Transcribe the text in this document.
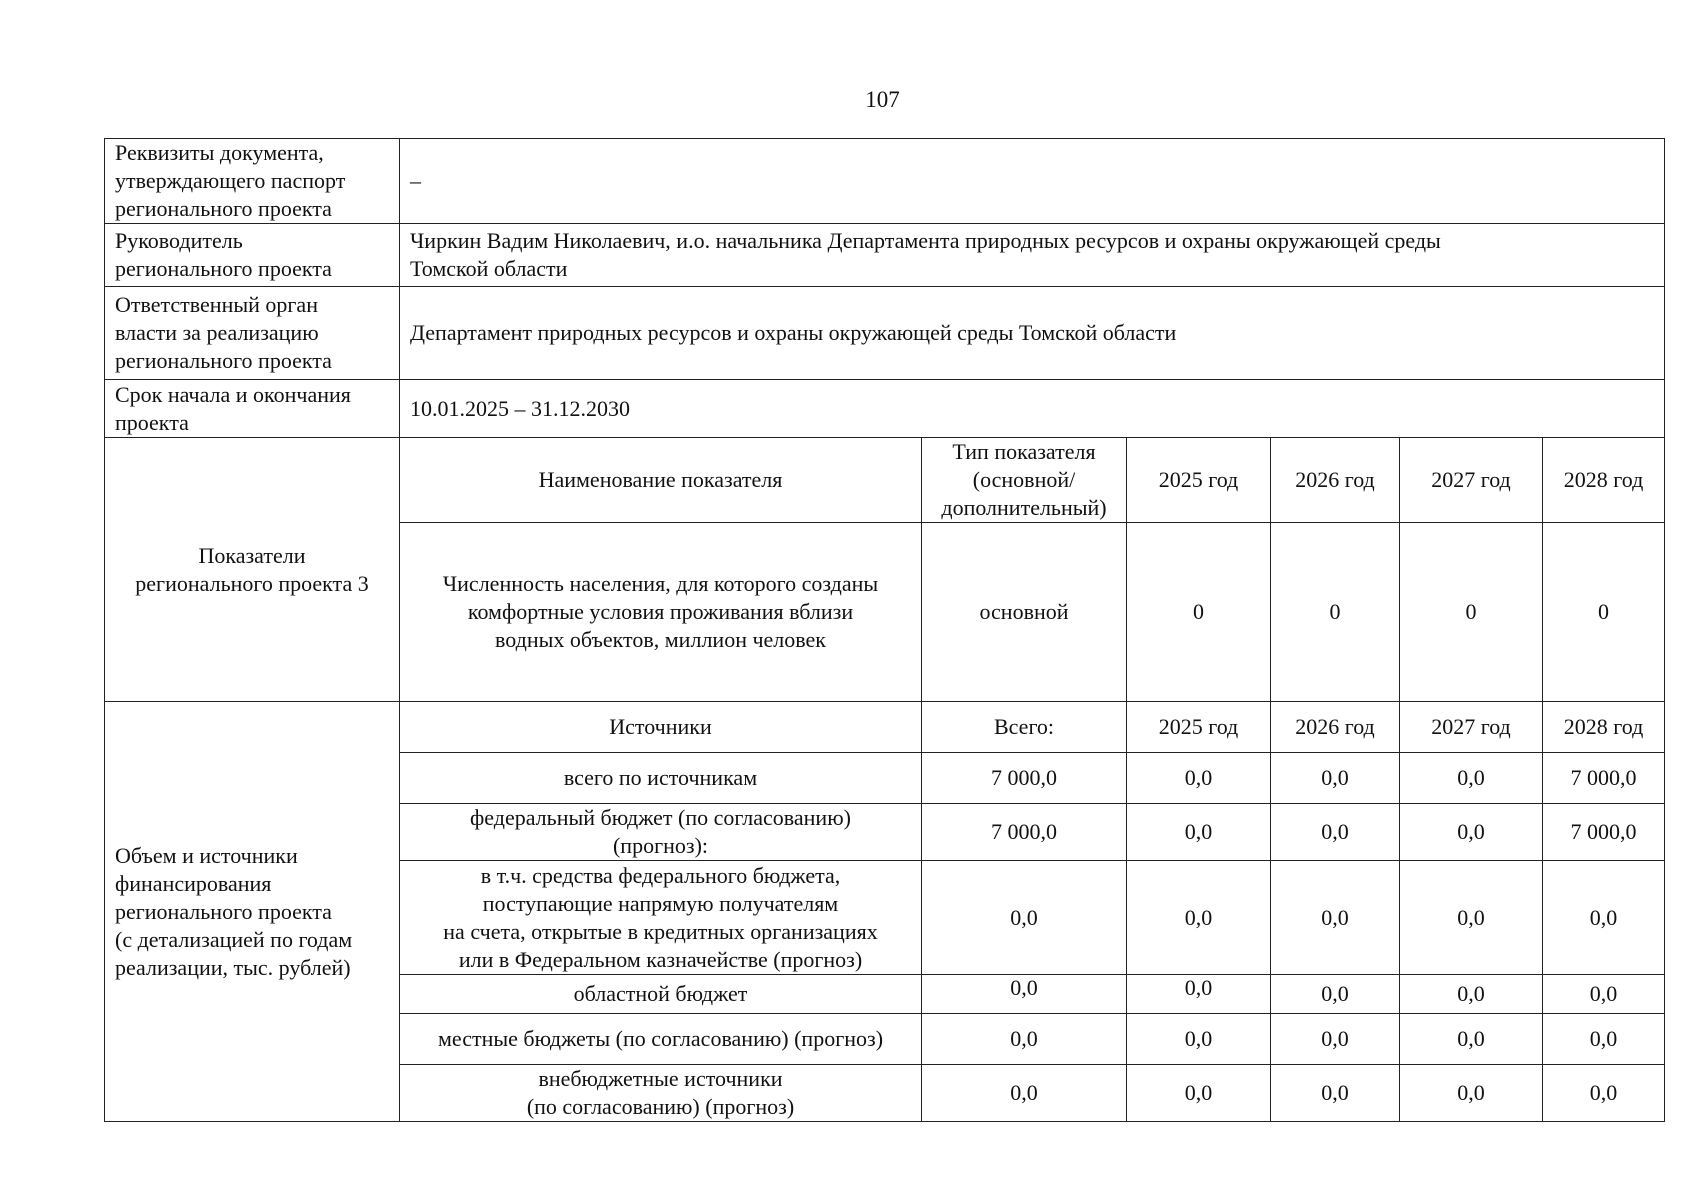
107
Реквизиты документа,
утверждающего паспорт
регионального проекта	–					
Руководитель
регионального проекта	Чиркин Вадим Николаевич, и.о. начальника Департамента природных ресурсов и охраны окружающей среды
Томской области					
Ответственный орган
власти за реализацию
регионального проекта	Департамент природных ресурсов и охраны окружающей среды Томской области					
Срок начала и окончания
проекта	10.01.2025 – 31.12.2030					
Показатели
регионального проекта 3	Наименование показателя	Тип показателя
(основной/
дополнительный)	2025 год	2026 год	2027 год	2028 год
	Численность населения, для которого созданы
комфортные условия проживания вблизи
водных объектов, миллион человек	основной	0	0	0	0
Объем и источники
финансирования
регионального проекта
(с детализацией по годам
реализации, тыс. рублей)	Источники	Всего:	2025 год	2026 год	2027 год	2028 год
	всего по источникам	7 000,0	0,0	0,0	0,0	7 000,0
	федеральный бюджет (по согласованию)
(прогноз):	7 000,0	0,0	0,0	0,0	7 000,0
	в т.ч. средства федерального бюджета,
поступающие напрямую получателям
на счета, открытые в кредитных организациях
или в Федеральном казначействе (прогноз)	0,0	0,0	0,0	0,0	0,0
	областной бюджет	0,0	0,0	0,0	0,0	0,0
	местные бюджеты (по согласованию) (прогноз)	0,0	0,0	0,0	0,0	0,0
	внебюджетные источники
(по согласованию) (прогноз)	0,0	0,0	0,0	0,0	0,0
